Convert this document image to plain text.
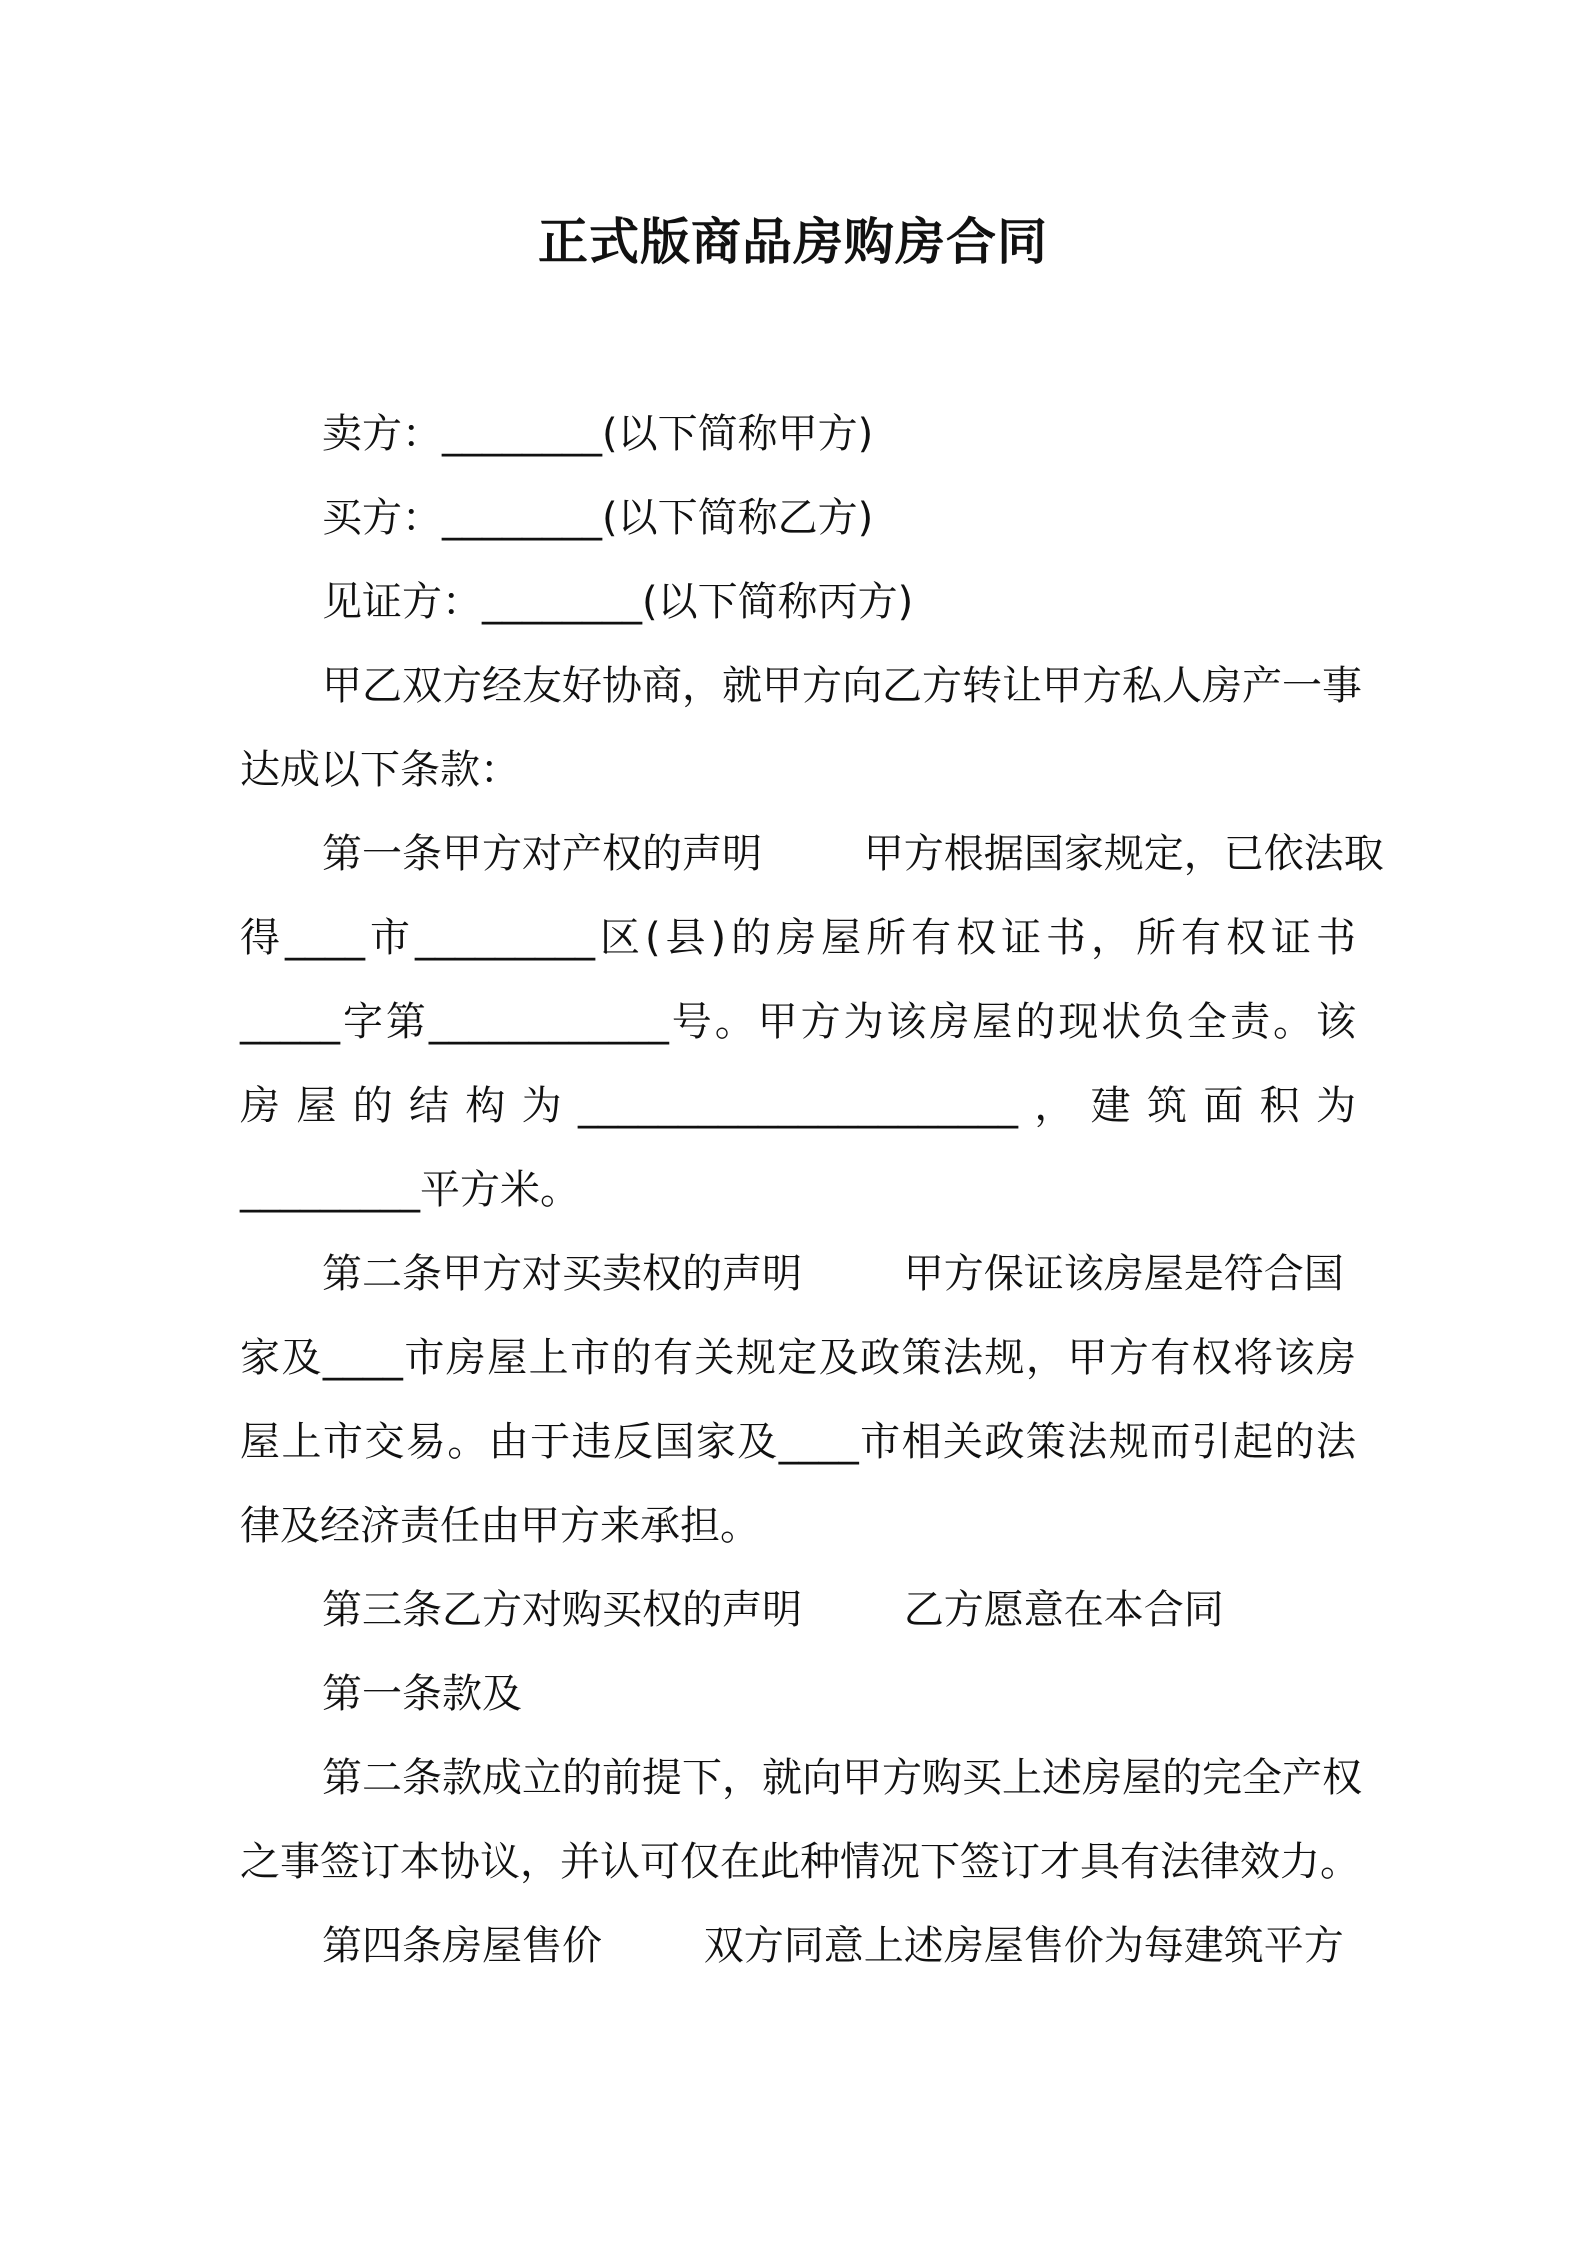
正式版商品房购房合同

卖方：________(以下简称甲方)

买方：________(以下简称乙方)

见证方：________(以下简称丙方)

甲乙双方经友好协商，就甲方向乙方转让甲方私人房产一事

达成以下条款：

第一条甲方对产权的声明        甲方根据国家规定，已依法取

得____市_________区(县)的房屋所有权证书，所有权证书

_____字第____________号。甲方为该房屋的现状负全责。该

房屋的结构为______________________，建筑面积为

_________平方米。

第二条甲方对买卖权的声明        甲方保证该房屋是符合国

家及____市房屋上市的有关规定及政策法规，甲方有权将该房

屋上市交易。由于违反国家及____市相关政策法规而引起的法

律及经济责任由甲方来承担。

第三条乙方对购买权的声明        乙方愿意在本合同

第一条款及

第二条款成立的前提下，就向甲方购买上述房屋的完全产权

之事签订本协议，并认可仅在此种情况下签订才具有法律效力。

第四条房屋售价        双方同意上述房屋售价为每建筑平方
